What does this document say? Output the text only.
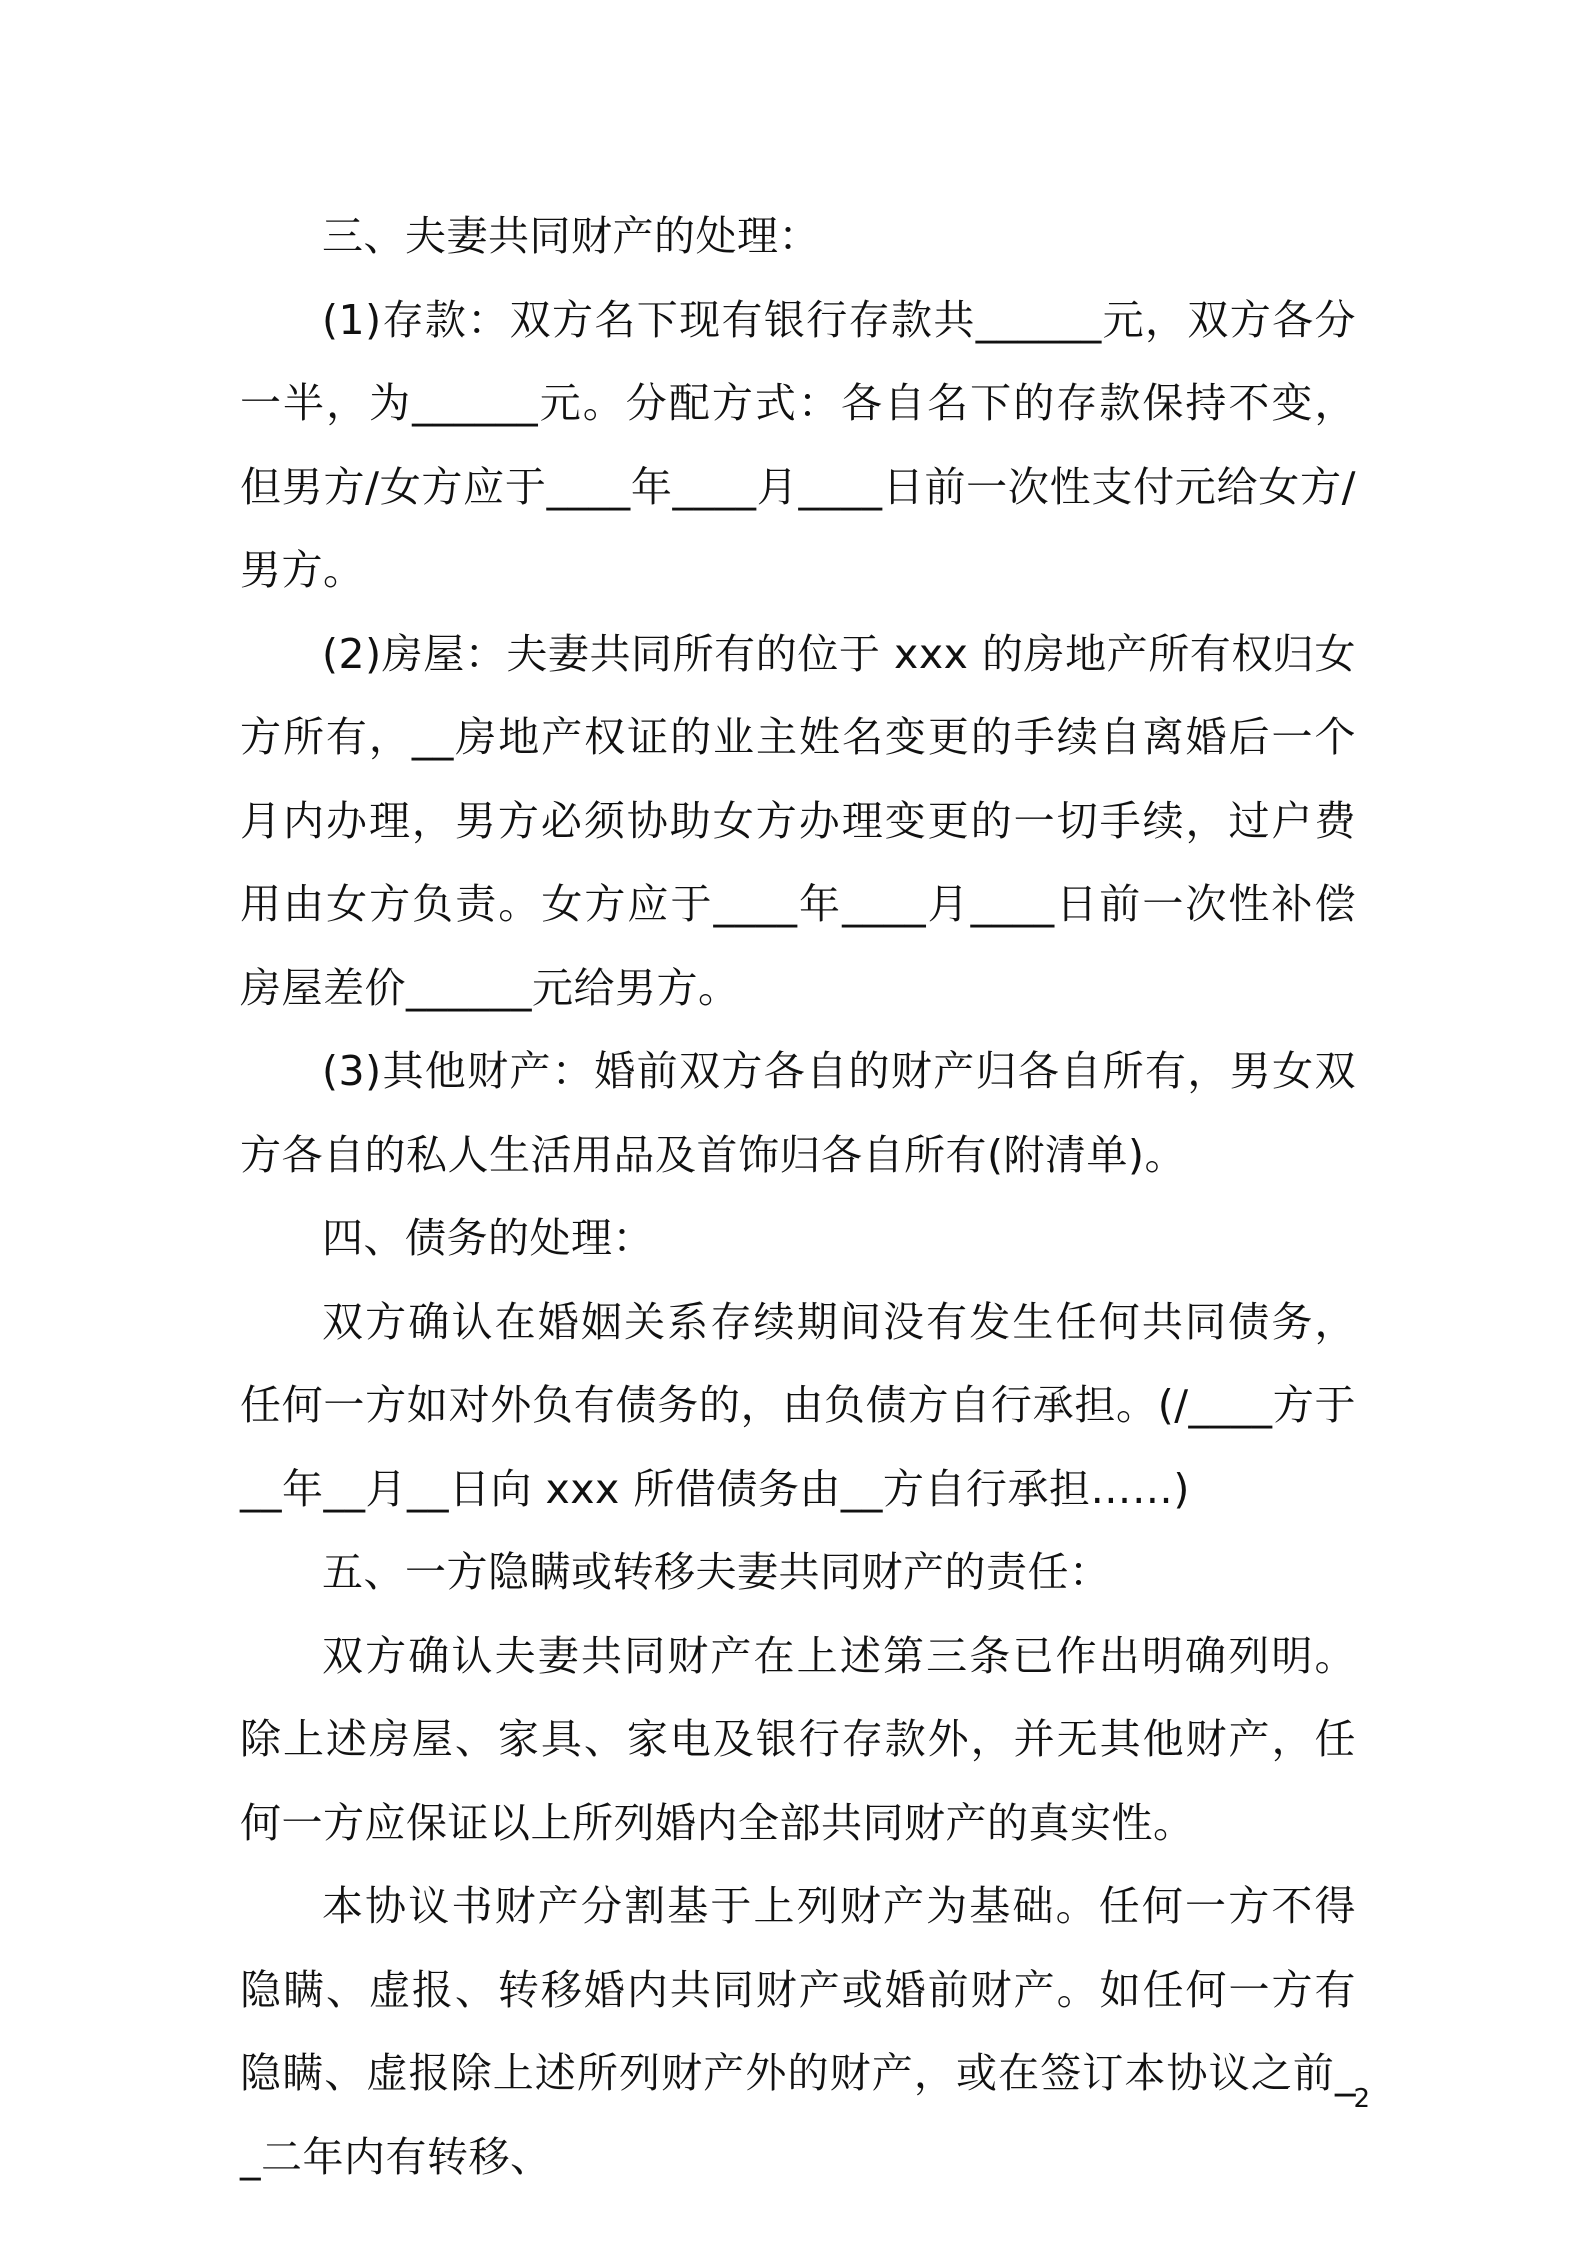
三、夫妻共同财产的处理：

(1)存款：双方名下现有银行存款共______元，双方各分一半，为______元。分配方式：各自名下的存款保持不变，但男方/女方应于____年____月____日前一次性支付元给女方/男方。

(2)房屋：夫妻共同所有的位于 xxx 的房地产所有权归女方所有，__房地产权证的业主姓名变更的手续自离婚后一个月内办理，男方必须协助女方办理变更的一切手续，过户费用由女方负责。女方应于____年____月____日前一次性补偿房屋差价______元给男方。

(3)其他财产：婚前双方各自的财产归各自所有，男女双方各自的私人生活用品及首饰归各自所有(附清单)。

四、债务的处理：

双方确认在婚姻关系存续期间没有发生任何共同债务，任何一方如对外负有债务的，由负债方自行承担。(/____方于__年__月__日向 xxx 所借债务由__方自行承担……)

五、一方隐瞒或转移夫妻共同财产的责任：

双方确认夫妻共同财产在上述第三条已作出明确列明。除上述房屋、家具、家电及银行存款外，并无其他财产，任何一方应保证以上所列婚内全部共同财产的真实性。

本协议书财产分割基于上列财产为基础。任何一方不得隐瞒、虚报、转移婚内共同财产或婚前财产。如任何一方有隐瞒、虚报除上述所列财产外的财产，或在签订本协议之前__二年内有转移、

2
